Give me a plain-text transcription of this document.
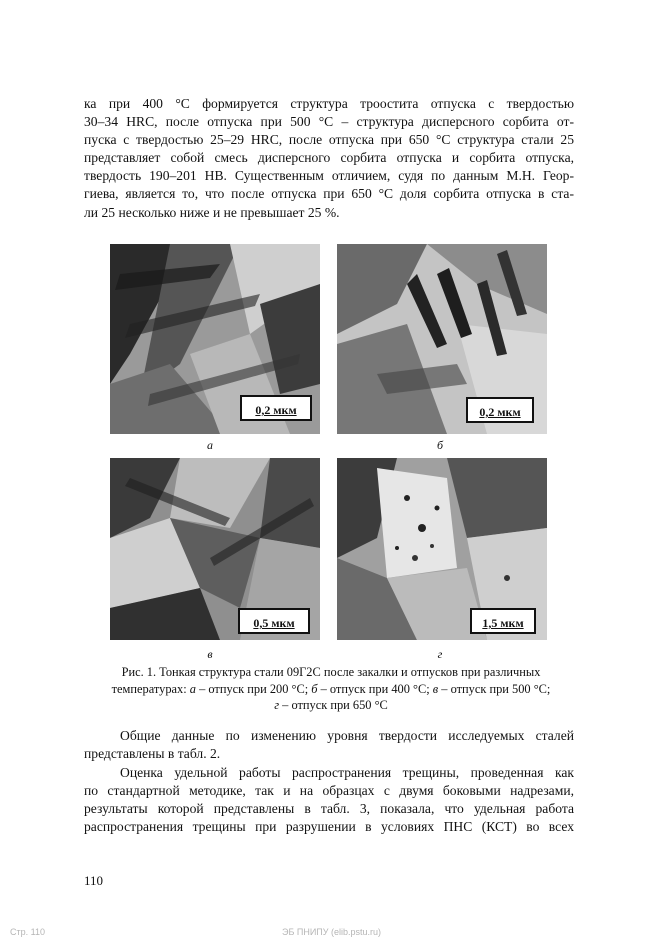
ка при 400 °С формируется структура троостита отпуска с твердостью
30–34 HRC, после отпуска при 500 °С – структура дисперсного сорбита от-
пуска с твердостью 25–29 HRC, после отпуска при 650 °С структура стали 25
представляет собой смесь дисперсного сорбита отпуска и сорбита отпуска,
твердость 190–201 НВ. Существенным отличием, судя по данным М.Н. Геор-
гиева, является то, что после отпуска при 650 °С доля сорбита отпуска в ста-
ли 25 несколько ниже и не превышает 25 %.
0,2 мкм
а
0,2 мкм
б
0,5 мкм
в
1,5 мкм
г
Рис. 1. Тонкая структура стали 09Г2С после закалки и отпусков при различных
температурах: а – отпуск при 200 °С; б – отпуск при 400 °С; в – отпуск при 500 °С;
г – отпуск при 650 °С
Общие данные по изменению уровня твердости исследуемых сталей
представлены в табл. 2.
Оценка удельной работы распространения трещины, проведенная как
по стандартной методике, так и на образцах с двумя боковыми надрезами,
результаты которой представлены в табл. 3, показала, что удельная работа
распространения трещины при разрушении в условиях ПНС (КСТ) во всех
110
Стр. 110	ЭБ ПНИПУ (elib.pstu.ru)
